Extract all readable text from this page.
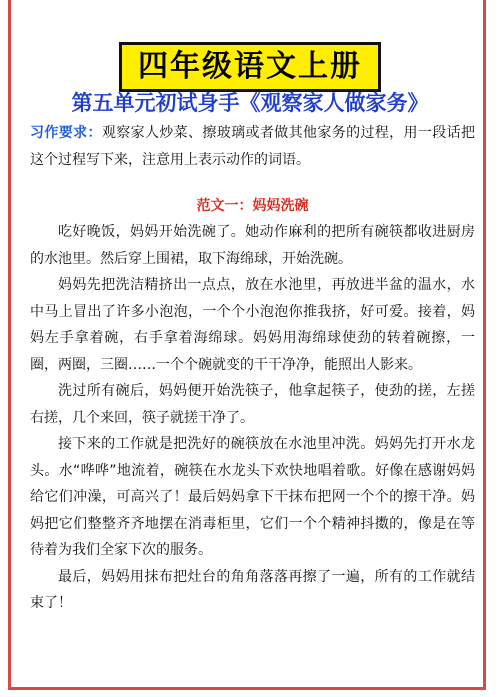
四年级语文上册
第五单元初试身手《观察家人做家务》

习作要求：观察家人炒菜、擦玻璃或者做其他家务的过程，用一段话把这个过程写下来，注意用上表示动作的词语。

范文一：妈妈洗碗

吃好晚饭，妈妈开始洗碗了。她动作麻利的把所有碗筷都收进厨房的水池里。然后穿上围裙，取下海绵球，开始洗碗。

妈妈先把洗洁精挤出一点点，放在水池里，再放进半盆的温水，水中马上冒出了许多小泡泡，一个个小泡泡你推我挤，好可爱。接着，妈妈左手拿着碗，右手拿着海绵球。妈妈用海绵球使劲的转着碗擦，一圈，两圈，三圈……一个个碗就变的干干净净，能照出人影来。

洗过所有碗后，妈妈便开始洗筷子，他拿起筷子，使劲的搓，左搓右搓，几个来回，筷子就搓干净了。

接下来的工作就是把洗好的碗筷放在水池里冲洗。妈妈先打开水龙头。水“哗哗”地流着，碗筷在水龙头下欢快地唱着歌。好像在感谢妈妈给它们冲澡，可高兴了！最后妈妈拿下干抹布把网一个个的擦干净。妈妈把它们整整齐齐地摆在消毒柜里，它们一个个精神抖擞的，像是在等待着为我们全家下次的服务。

最后，妈妈用抹布把灶台的角角落落再擦了一遍，所有的工作就结束了！
